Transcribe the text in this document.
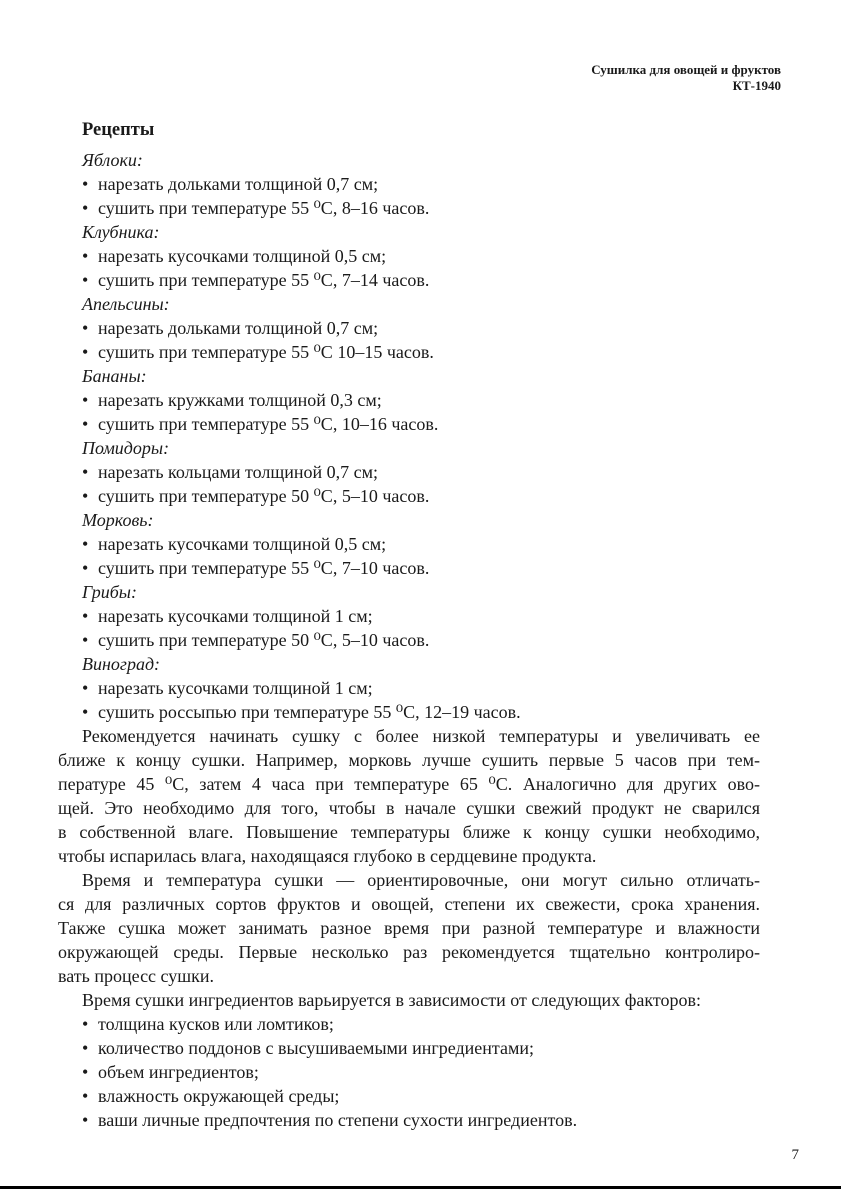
Сушилка для овощей и фруктов
КТ-1940
Рецепты
Яблоки:
• нарезать дольками толщиной 0,7 см;
• сушить при температуре 55 ⁰С, 8–16 часов.
Клубника:
• нарезать кусочками толщиной 0,5 см;
• сушить при температуре 55 ⁰С, 7–14 часов.
Апельсины:
• нарезать дольками толщиной 0,7 см;
• сушить при температуре 55 ⁰С 10–15 часов.
Бананы:
• нарезать кружками толщиной 0,3 см;
• сушить при температуре 55 ⁰С, 10–16 часов.
Помидоры:
• нарезать кольцами толщиной 0,7 см;
• сушить при температуре 50 ⁰С, 5–10 часов.
Морковь:
• нарезать кусочками толщиной 0,5 см;
• сушить при температуре 55 ⁰С, 7–10 часов.
Грибы:
• нарезать кусочками толщиной 1 см;
• сушить при температуре 50 ⁰С, 5–10 часов.
Виноград:
• нарезать кусочками толщиной 1 см;
• сушить россыпью при температуре 55 ⁰С, 12–19 часов.
Рекомендуется начинать сушку с более низкой температуры и увеличивать ее
ближе к концу сушки. Например, морковь лучше сушить первые 5 часов при тем-
пературе 45 ⁰С, затем 4 часа при температуре 65 ⁰С. Аналогично для других ово-
щей. Это необходимо для того, чтобы в начале сушки свежий продукт не сварился
в собственной влаге. Повышение температуры ближе к концу сушки необходимо,
чтобы испарилась влага, находящаяся глубоко в сердцевине продукта.
Время и температура сушки — ориентировочные, они могут сильно отличать-
ся для различных сортов фруктов и овощей, степени их свежести, срока хранения.
Также сушка может занимать разное время при разной температуре и влажности
окружающей среды. Первые несколько раз рекомендуется тщательно контролиро-
вать процесс сушки.
Время сушки ингредиентов варьируется в зависимости от следующих факторов:
• толщина кусков или ломтиков;
• количество поддонов с высушиваемыми ингредиентами;
• объем ингредиентов;
• влажность окружающей среды;
• ваши личные предпочтения по степени сухости ингредиентов.
7
